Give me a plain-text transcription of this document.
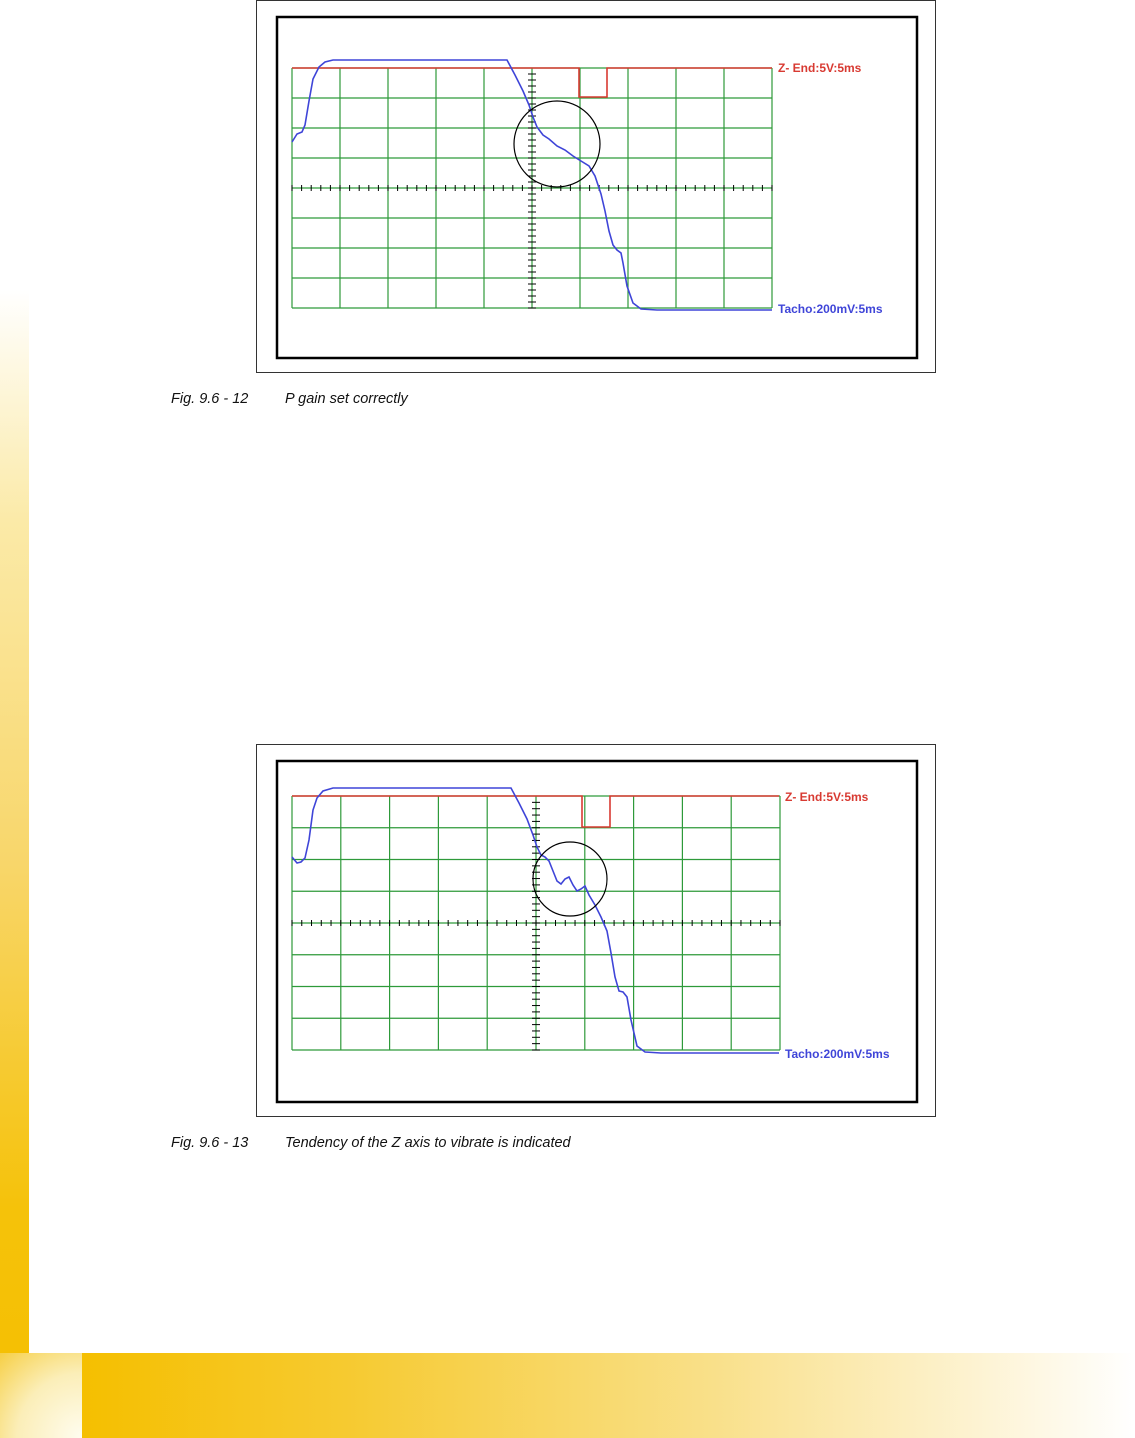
Z- End:5V:5ms
Tacho:200mV:5ms
Fig. 9.6 - 12	P gain set correctly
Z- End:5V:5ms
Tacho:200mV:5ms
Fig. 9.6 - 13	Tendency of the Z axis to vibrate is indicated
